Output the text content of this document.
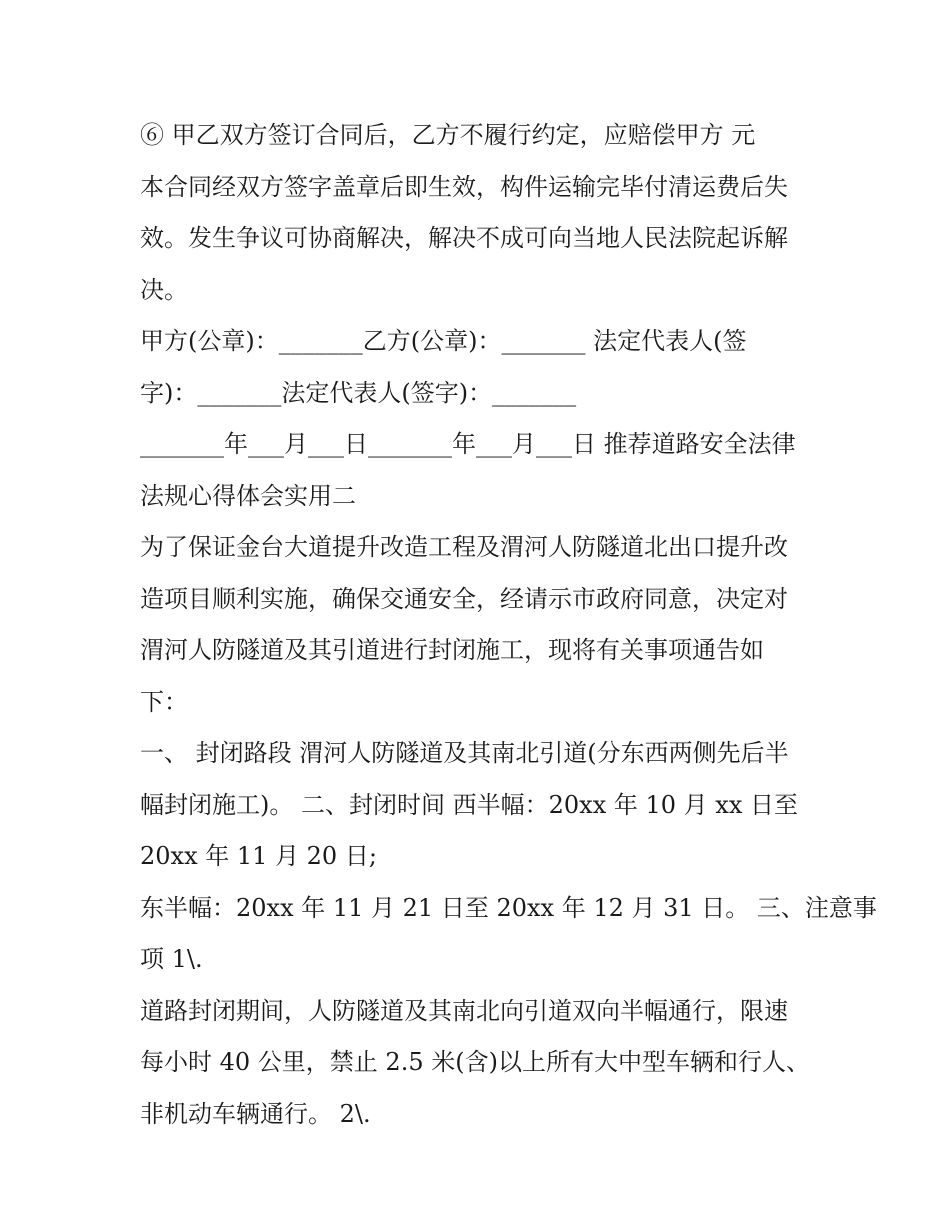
⑥ 甲乙双方签订合同后，乙方不履行约定，应赔偿甲方 元
本合同经双方签字盖章后即生效，构件运输完毕付清运费后失
效。发生争议可协商解决，解决不成可向当地人民法院起诉解
决。
甲方(公章)：_______乙方(公章)：_______ 法定代表人(签
字)：_______法定代表人(签字)：_______
_______年___月___日_______年___月___日 推荐道路安全法律
法规心得体会实用二
为了保证金台大道提升改造工程及渭河人防隧道北出口提升改
造项目顺利实施，确保交通安全，经请示市政府同意，决定对
渭河人防隧道及其引道进行封闭施工，现将有关事项通告如
下：
一、 封闭路段 渭河人防隧道及其南北引道(分东西两侧先后半
幅封闭施工)。 二、封闭时间 西半幅：20xx 年 10 月 xx 日至
20xx 年 11 月 20 日;
东半幅：20xx 年 11 月 21 日至 20xx 年 12 月 31 日。 三、注意事
项 1\.
道路封闭期间，人防隧道及其南北向引道双向半幅通行，限速
每小时 40 公里，禁止 2.5 米(含)以上所有大中型车辆和行人、
非机动车辆通行。 2\.
